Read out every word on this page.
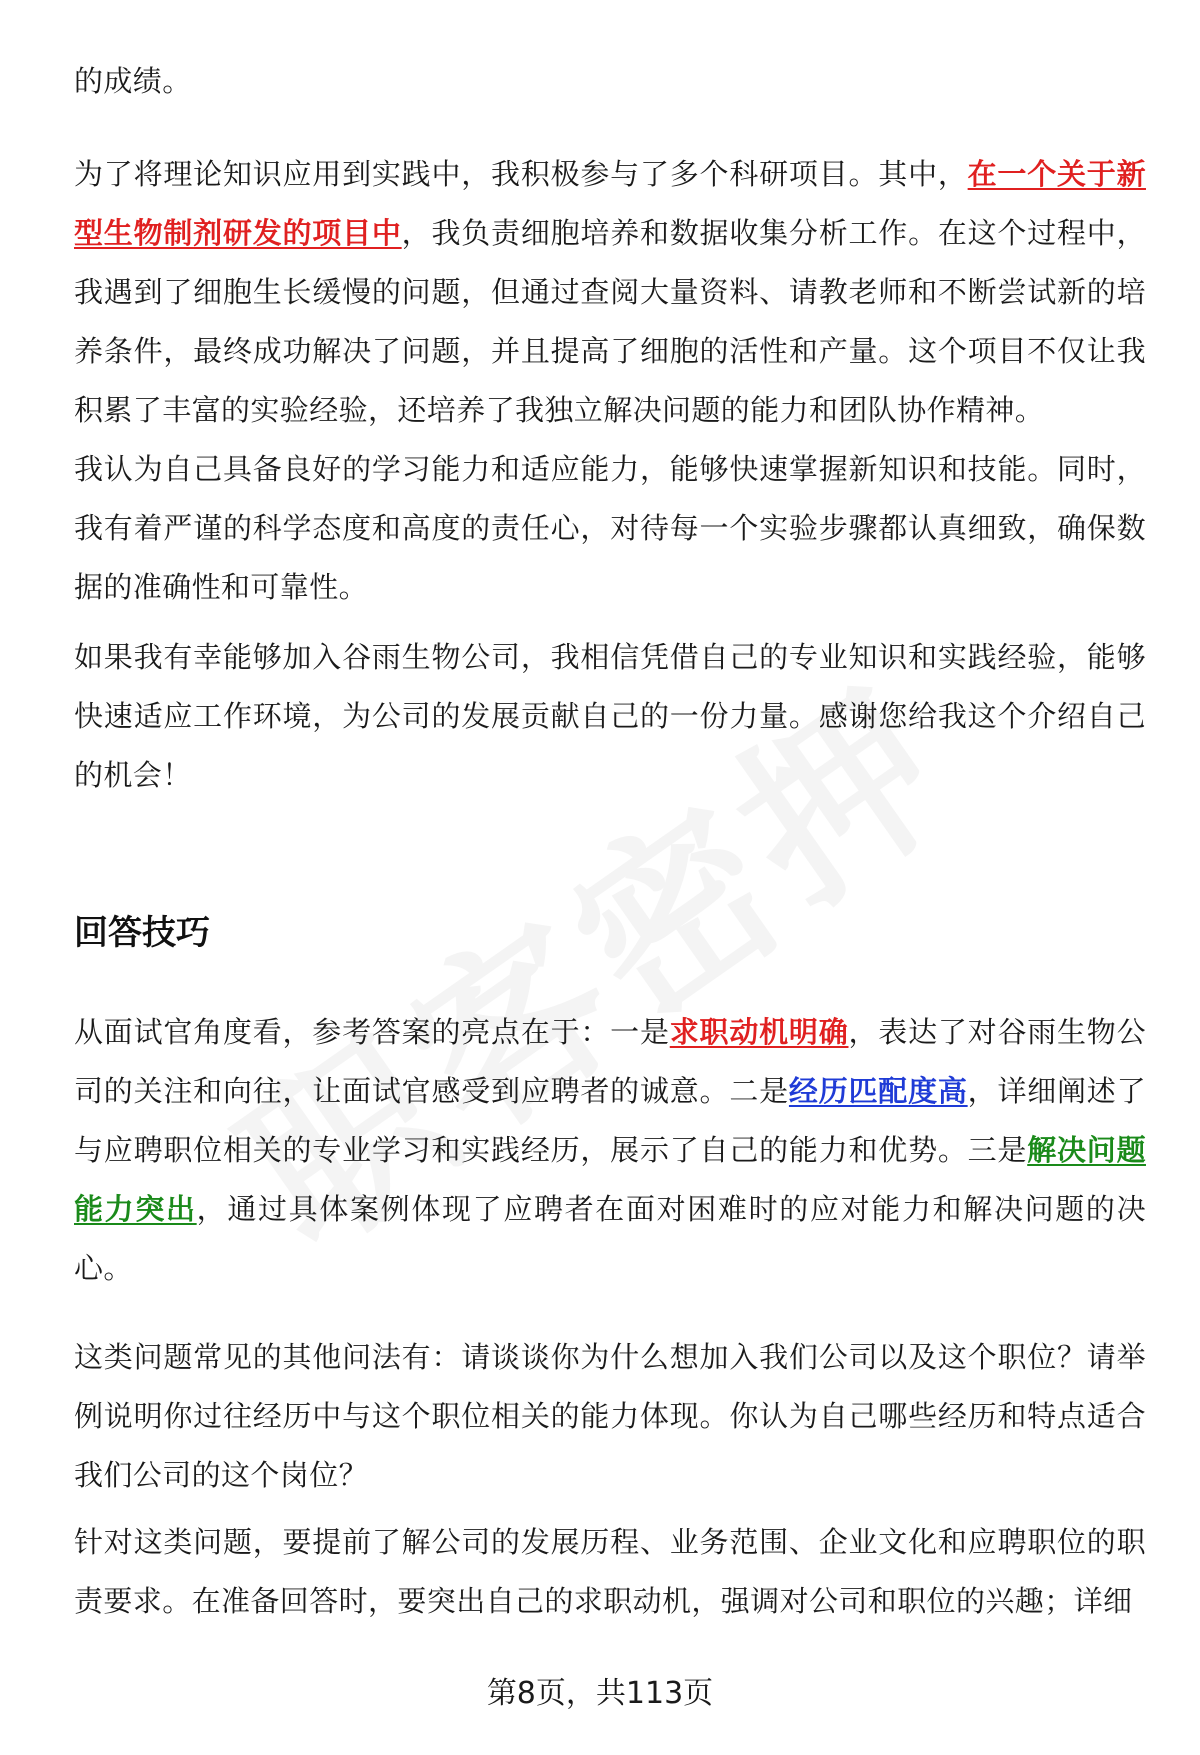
的成绩。

为了将理论知识应用到实践中，我积极参与了多个科研项目。其中，在一个关于新型生物制剂研发的项目中，我负责细胞培养和数据收集分析工作。在这个过程中，我遇到了细胞生长缓慢的问题，但通过查阅大量资料、请教老师和不断尝试新的培养条件，最终成功解决了问题，并且提高了细胞的活性和产量。这个项目不仅让我积累了丰富的实验经验，还培养了我独立解决问题的能力和团队协作精神。

我认为自己具备良好的学习能力和适应能力，能够快速掌握新知识和技能。同时，我有着严谨的科学态度和高度的责任心，对待每一个实验步骤都认真细致，确保数据的准确性和可靠性。

如果我有幸能够加入谷雨生物公司，我相信凭借自己的专业知识和实践经验，能够快速适应工作环境，为公司的发展贡献自己的一份力量。感谢您给我这个介绍自己的机会！

回答技巧

从面试官角度看，参考答案的亮点在于：一是求职动机明确，表达了对谷雨生物公司的关注和向往，让面试官感受到应聘者的诚意。二是经历匹配度高，详细阐述了与应聘职位相关的专业学习和实践经历，展示了自己的能力和优势。三是解决问题能力突出，通过具体案例体现了应聘者在面对困难时的应对能力和解决问题的决心。

这类问题常见的其他问法有：请谈谈你为什么想加入我们公司以及这个职位？请举例说明你过往经历中与这个职位相关的能力体现。你认为自己哪些经历和特点适合我们公司的这个岗位？

针对这类问题，要提前了解公司的发展历程、业务范围、企业文化和应聘职位的职责要求。在准备回答时，要突出自己的求职动机，强调对公司和职位的兴趣；详细

第8页，共113页
